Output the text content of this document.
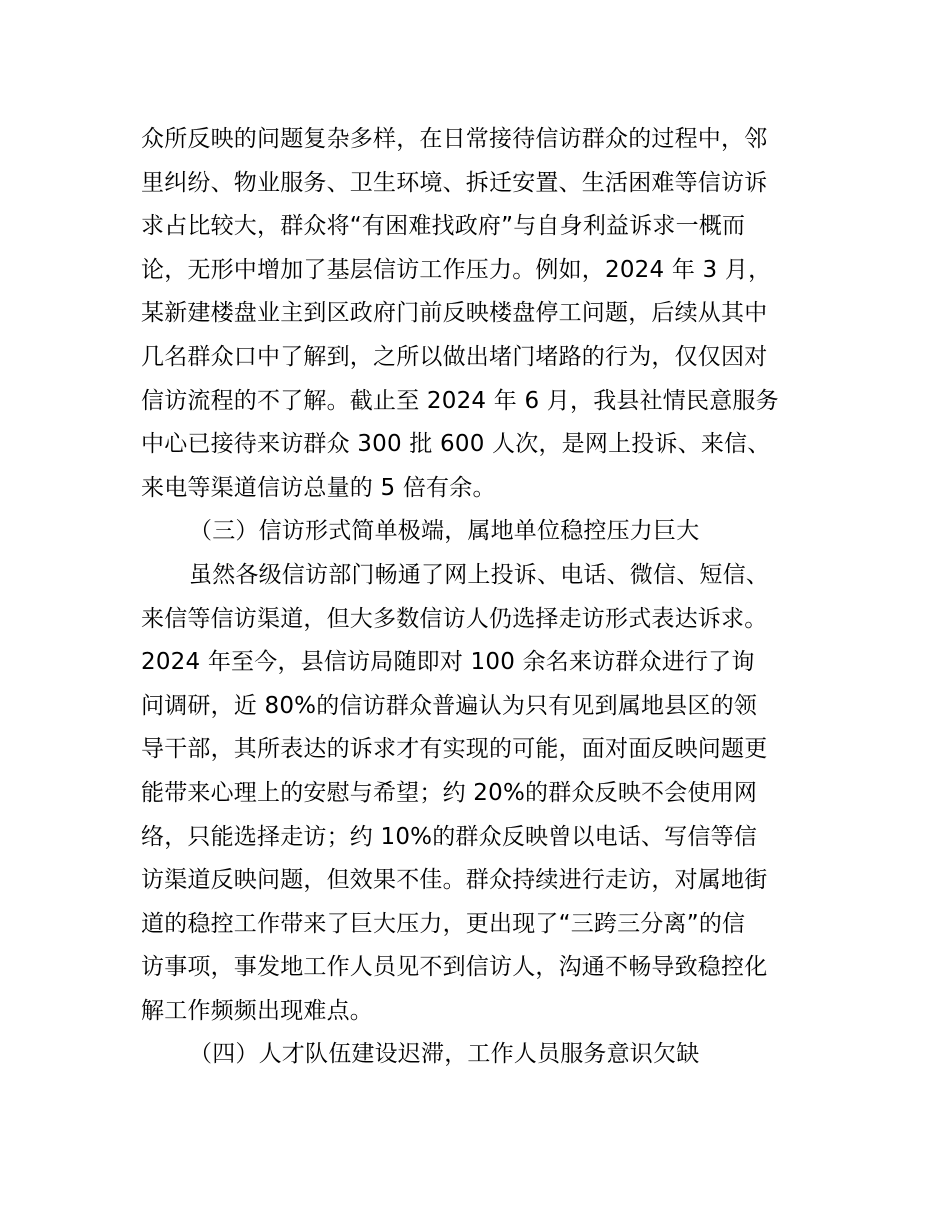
众所反映的问题复杂多样，在日常接待信访群众的过程中，邻
里纠纷、物业服务、卫生环境、拆迁安置、生活困难等信访诉
求占比较大，群众将“有困难找政府”与自身利益诉求一概而
论，无形中增加了基层信访工作压力。例如，2024 年 3 月，
某新建楼盘业主到区政府门前反映楼盘停工问题，后续从其中
几名群众口中了解到，之所以做出堵门堵路的行为，仅仅因对
信访流程的不了解。截止至 2024 年 6 月，我县社情民意服务
中心已接待来访群众 300 批 600 人次，是网上投诉、来信、
来电等渠道信访总量的 5 倍有余。
（三）信访形式简单极端，属地单位稳控压力巨大
虽然各级信访部门畅通了网上投诉、电话、微信、短信、
来信等信访渠道，但大多数信访人仍选择走访形式表达诉求。
2024 年至今，县信访局随即对 100 余名来访群众进行了询
问调研，近 80%的信访群众普遍认为只有见到属地县区的领
导干部，其所表达的诉求才有实现的可能，面对面反映问题更
能带来心理上的安慰与希望；约 20%的群众反映不会使用网
络，只能选择走访；约 10%的群众反映曾以电话、写信等信
访渠道反映问题，但效果不佳。群众持续进行走访，对属地街
道的稳控工作带来了巨大压力，更出现了“三跨三分离”的信
访事项，事发地工作人员见不到信访人，沟通不畅导致稳控化
解工作频频出现难点。
（四）人才队伍建设迟滞，工作人员服务意识欠缺
